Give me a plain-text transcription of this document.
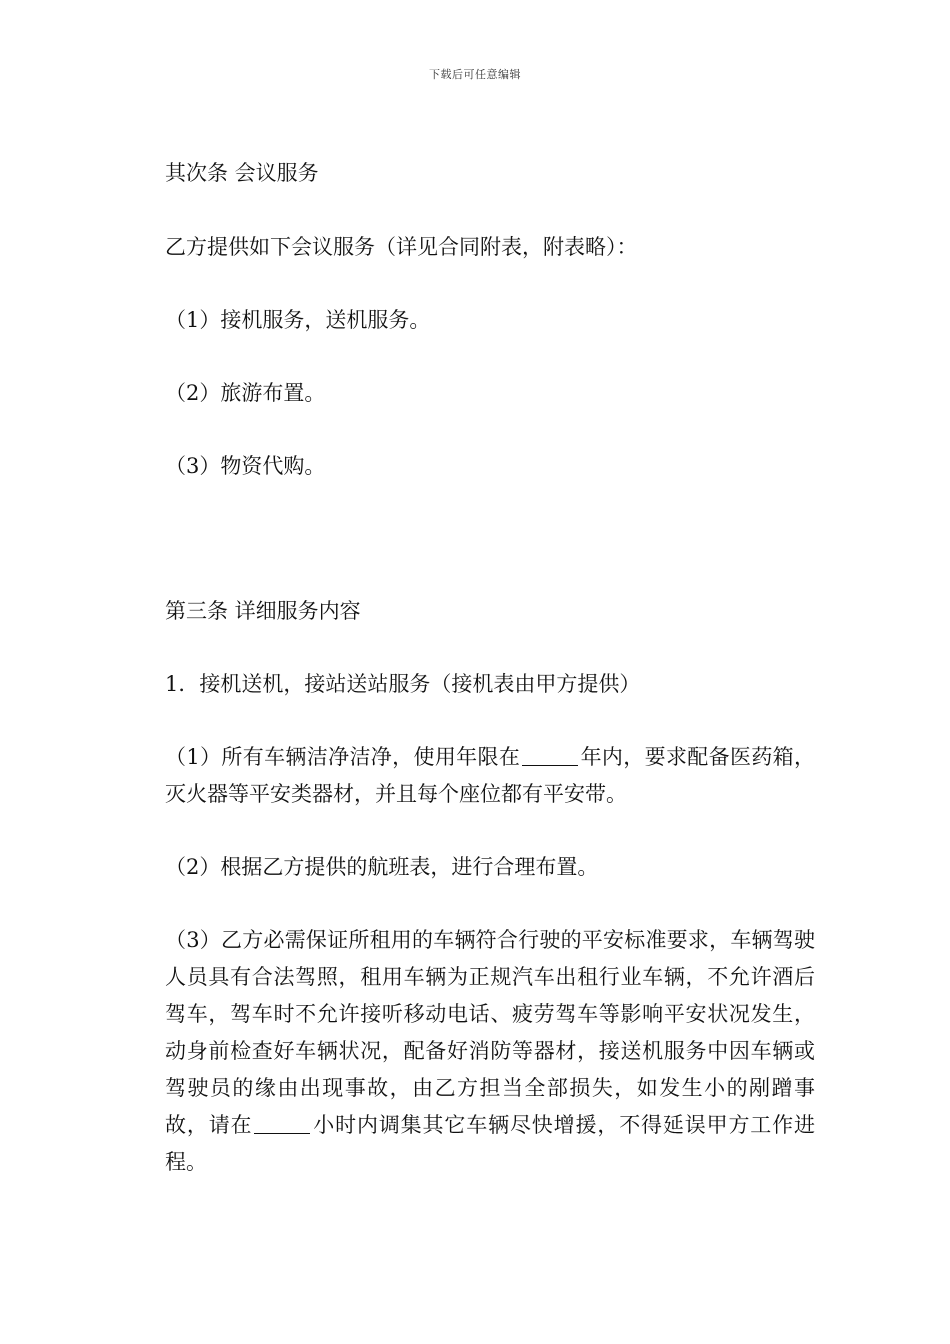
下载后可任意编辑
其次条 会议服务
乙方提供如下会议服务（详见合同附表，附表略）：
（1）接机服务，送机服务。
（2）旅游布置。
（3）物资代购。
第三条 详细服务内容
1．接机送机，接站送站服务（接机表由甲方提供）
（1）所有车辆洁净洁净，使用年限在	年内，要求配备医药箱，灭火器等平安类器材，并且每个座位都有平安带。
（2）根据乙方提供的航班表，进行合理布置。
（3）乙方必需保证所租用的车辆符合行驶的平安标准要求，车辆驾驶人员具有合法驾照，租用车辆为正规汽车出租行业车辆，不允许酒后驾车，驾车时不允许接听移动电话、疲劳驾车等影响平安状况发生，动身前检查好车辆状况，配备好消防等器材，接送机服务中因车辆或驾驶员的缘由出现事故，由乙方担当全部损失，如发生小的剐蹭事故，请在	小时内调集其它车辆尽快增援，不得延误甲方工作进程。
